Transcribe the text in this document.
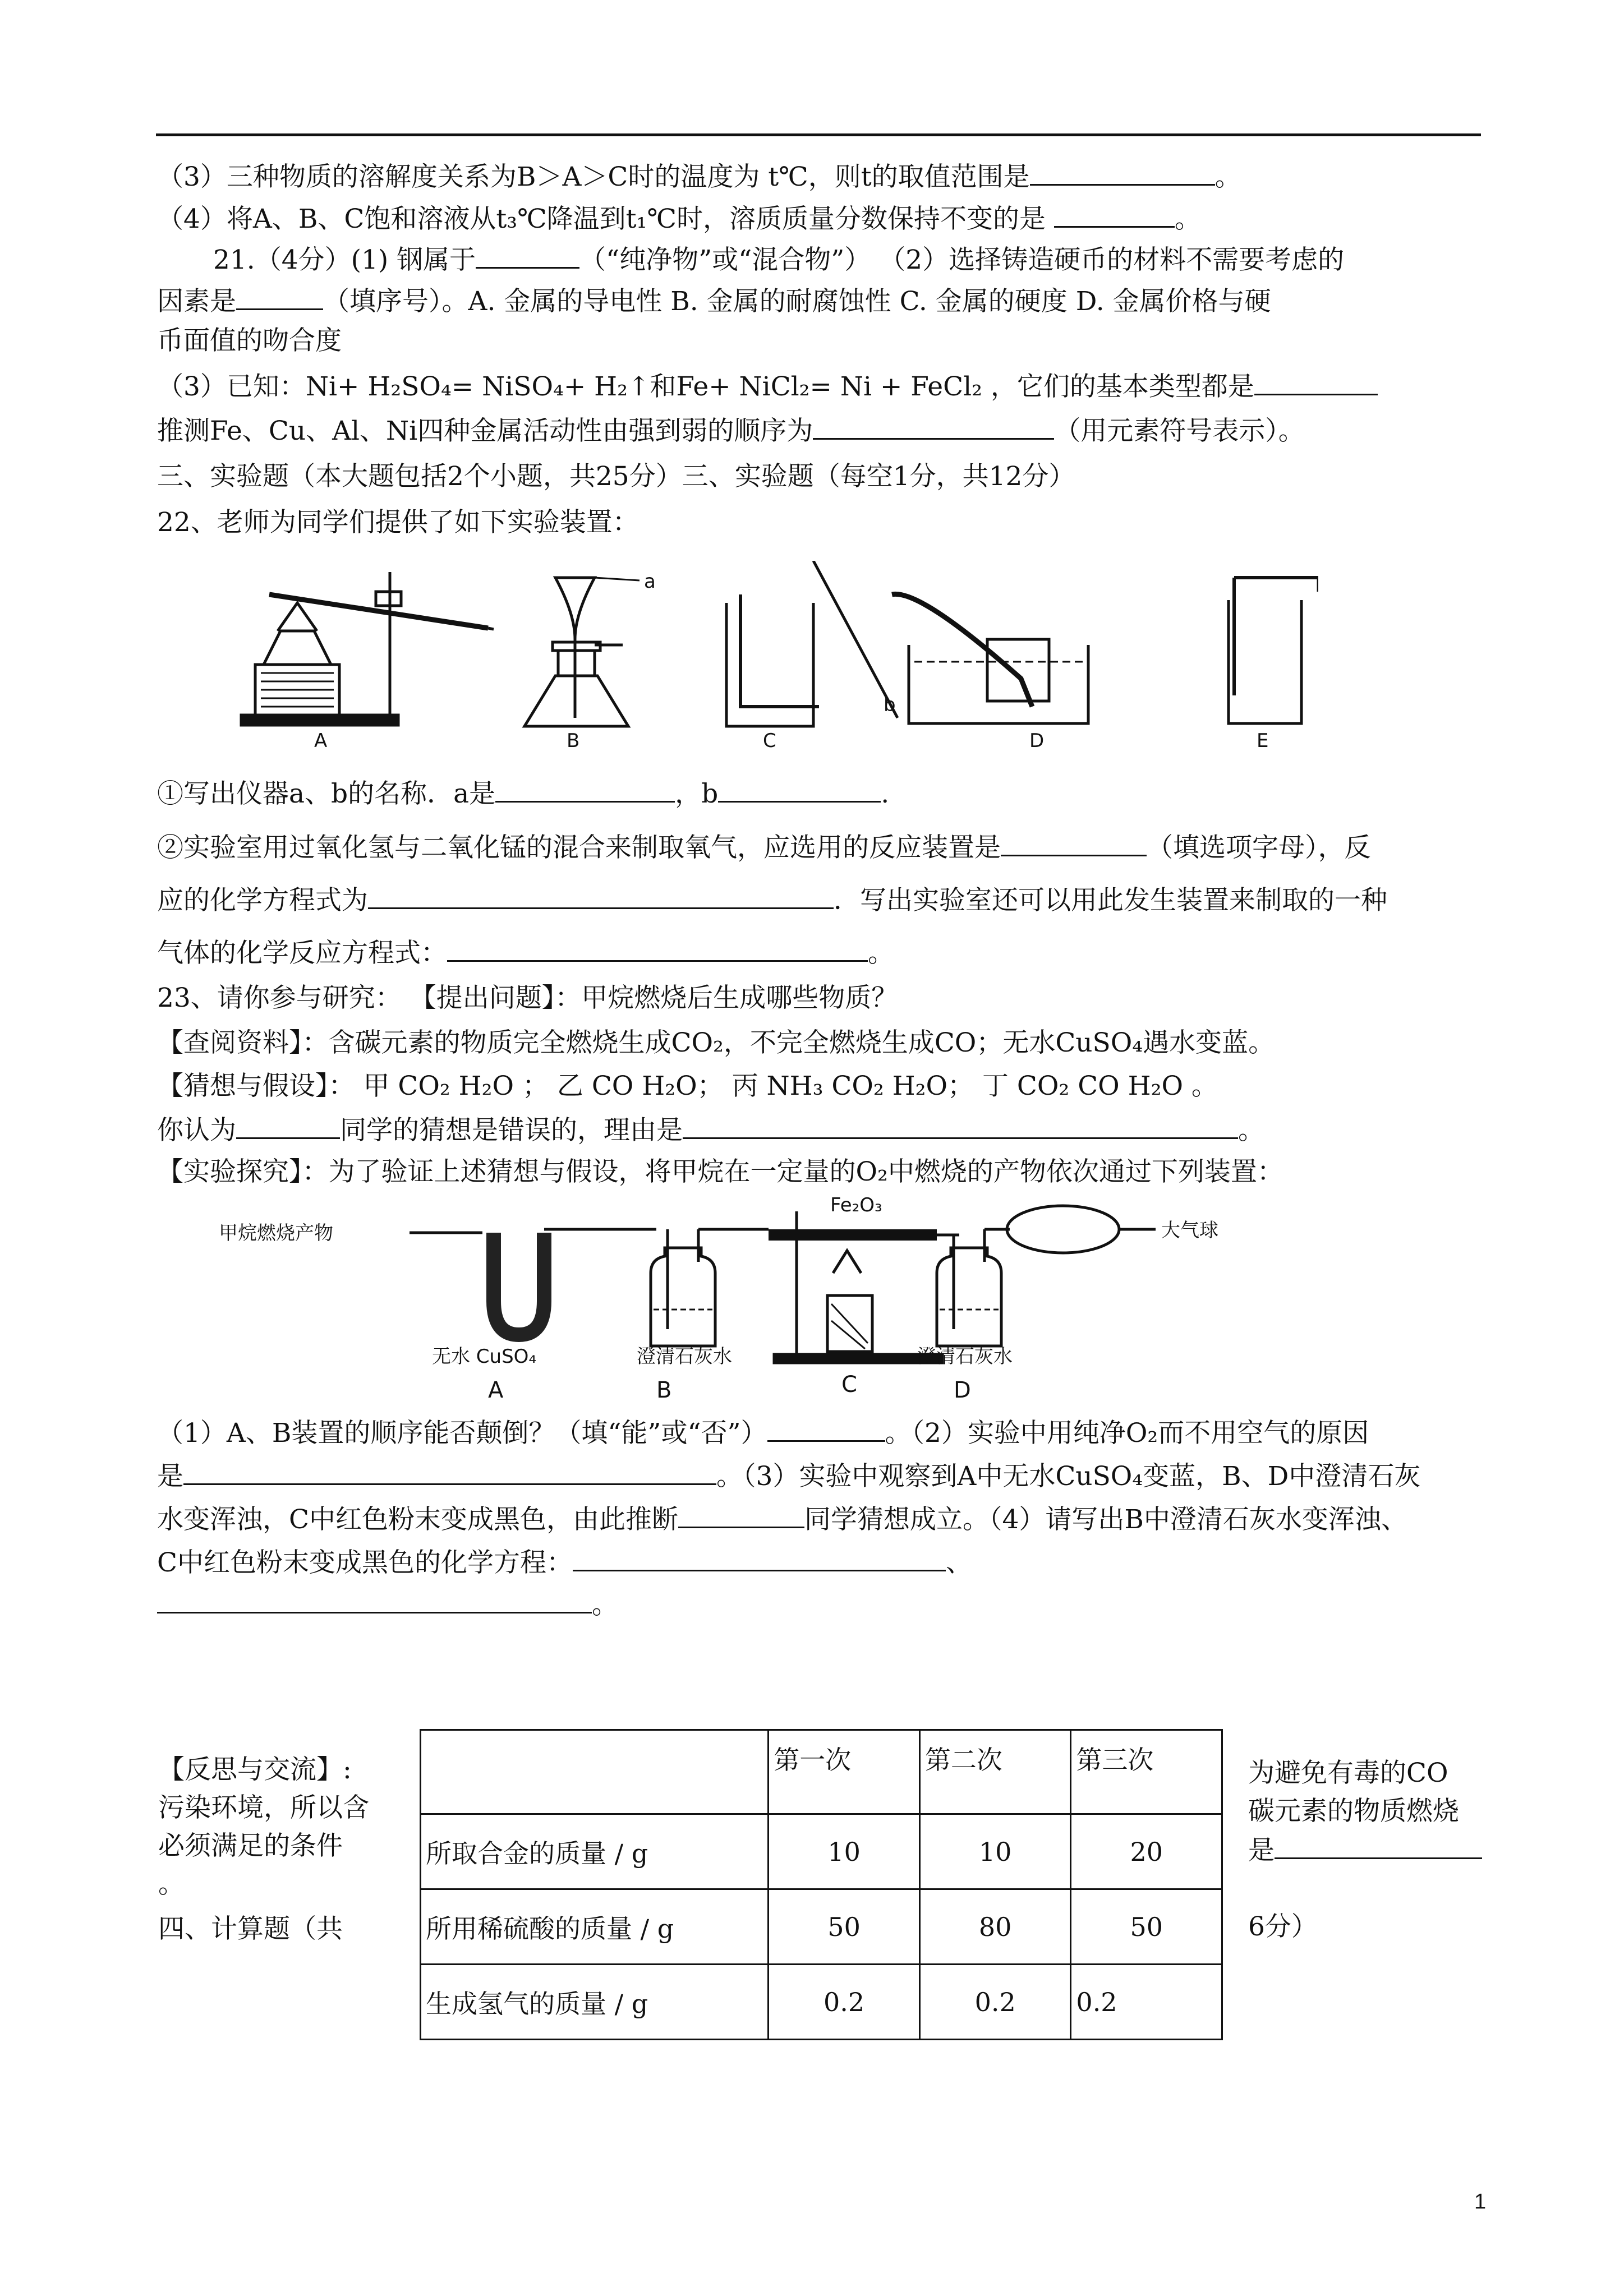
（3）三种物质的溶解度关系为B＞A＞C时的温度为 t℃，则t的取值范围是	。
（4）将A、B、C饱和溶液从t₃℃降温到t₁℃时，溶质质量分数保持不变的是	。
21.（4分）(1) 钢属于	（“纯净物”或“混合物”） （2）选择铸造硬币的材料不需要考虑的
因素是	（填序号）。A. 金属的导电性 B. 金属的耐腐蚀性 C. 金属的硬度 D. 金属价格与硬
币面值的吻合度
（3）已知：Ni+ H₂SO₄= NiSO₄+ H₂↑和Fe+ NiCl₂= Ni + FeCl₂ ，它们的基本类型都是
推测Fe、Cu、Al、Ni四种金属活动性由强到弱的顺序为	（用元素符号表示）。
三、实验题（本大题包括2个小题，共25分）三、实验题（每空1分，共12分）
22、老师为同学们提供了如下实验装置：
A	B	C	D	E
a
b
①写出仪器a、b的名称．a是	，b	.
②实验室用过氧化氢与二氧化锰的混合来制取氧气，应选用的反应装置是	（填选项字母），反
应的化学方程式为	．写出实验室还可以用此发生装置来制取的一种
气体的化学反应方程式：	。
23、请你参与研究： 【提出问题】：甲烷燃烧后生成哪些物质？
【查阅资料】：含碳元素的物质完全燃烧生成CO₂，不完全燃烧生成CO；无水CuSO₄遇水变蓝。
【猜想与假设】： 甲 CO₂ H₂O ； 乙 CO H₂O； 丙 NH₃ CO₂ H₂O； 丁 CO₂ CO H₂O 。
你认为	同学的猜想是错误的，理由是	。
【实验探究】：为了验证上述猜想与假设，将甲烷在一定量的O₂中燃烧的产物依次通过下列装置：
甲烷燃烧产物	大气球
Fe₂O₃
无水 CuSO₄	澄清石灰水	澄清石灰水
A	B	C	D
（1）A、B装置的顺序能否颠倒？（填“能”或“否”）	。（2）实验中用纯净O₂而不用空气的原因
是	。（3）实验中观察到A中无水CuSO₄变蓝，B、D中澄清石灰
水变浑浊，C中红色粉末变成黑色，由此推断	同学猜想成立。（4）请写出B中澄清石灰水变浑浊、
C中红色粉末变成黑色的化学方程：	、
。
【反思与交流】:
污染环境，所以含
必须满足的条件
。
四、计算题（共
为避免有毒的CO
碳元素的物质燃烧
是
6分）
	第一次	第二次	第三次
所取合金的质量 / g	10	10	20
所用稀硫酸的质量 / g	50	80	50
生成氢气的质量 / g	0.2	0.2	0.2
1
